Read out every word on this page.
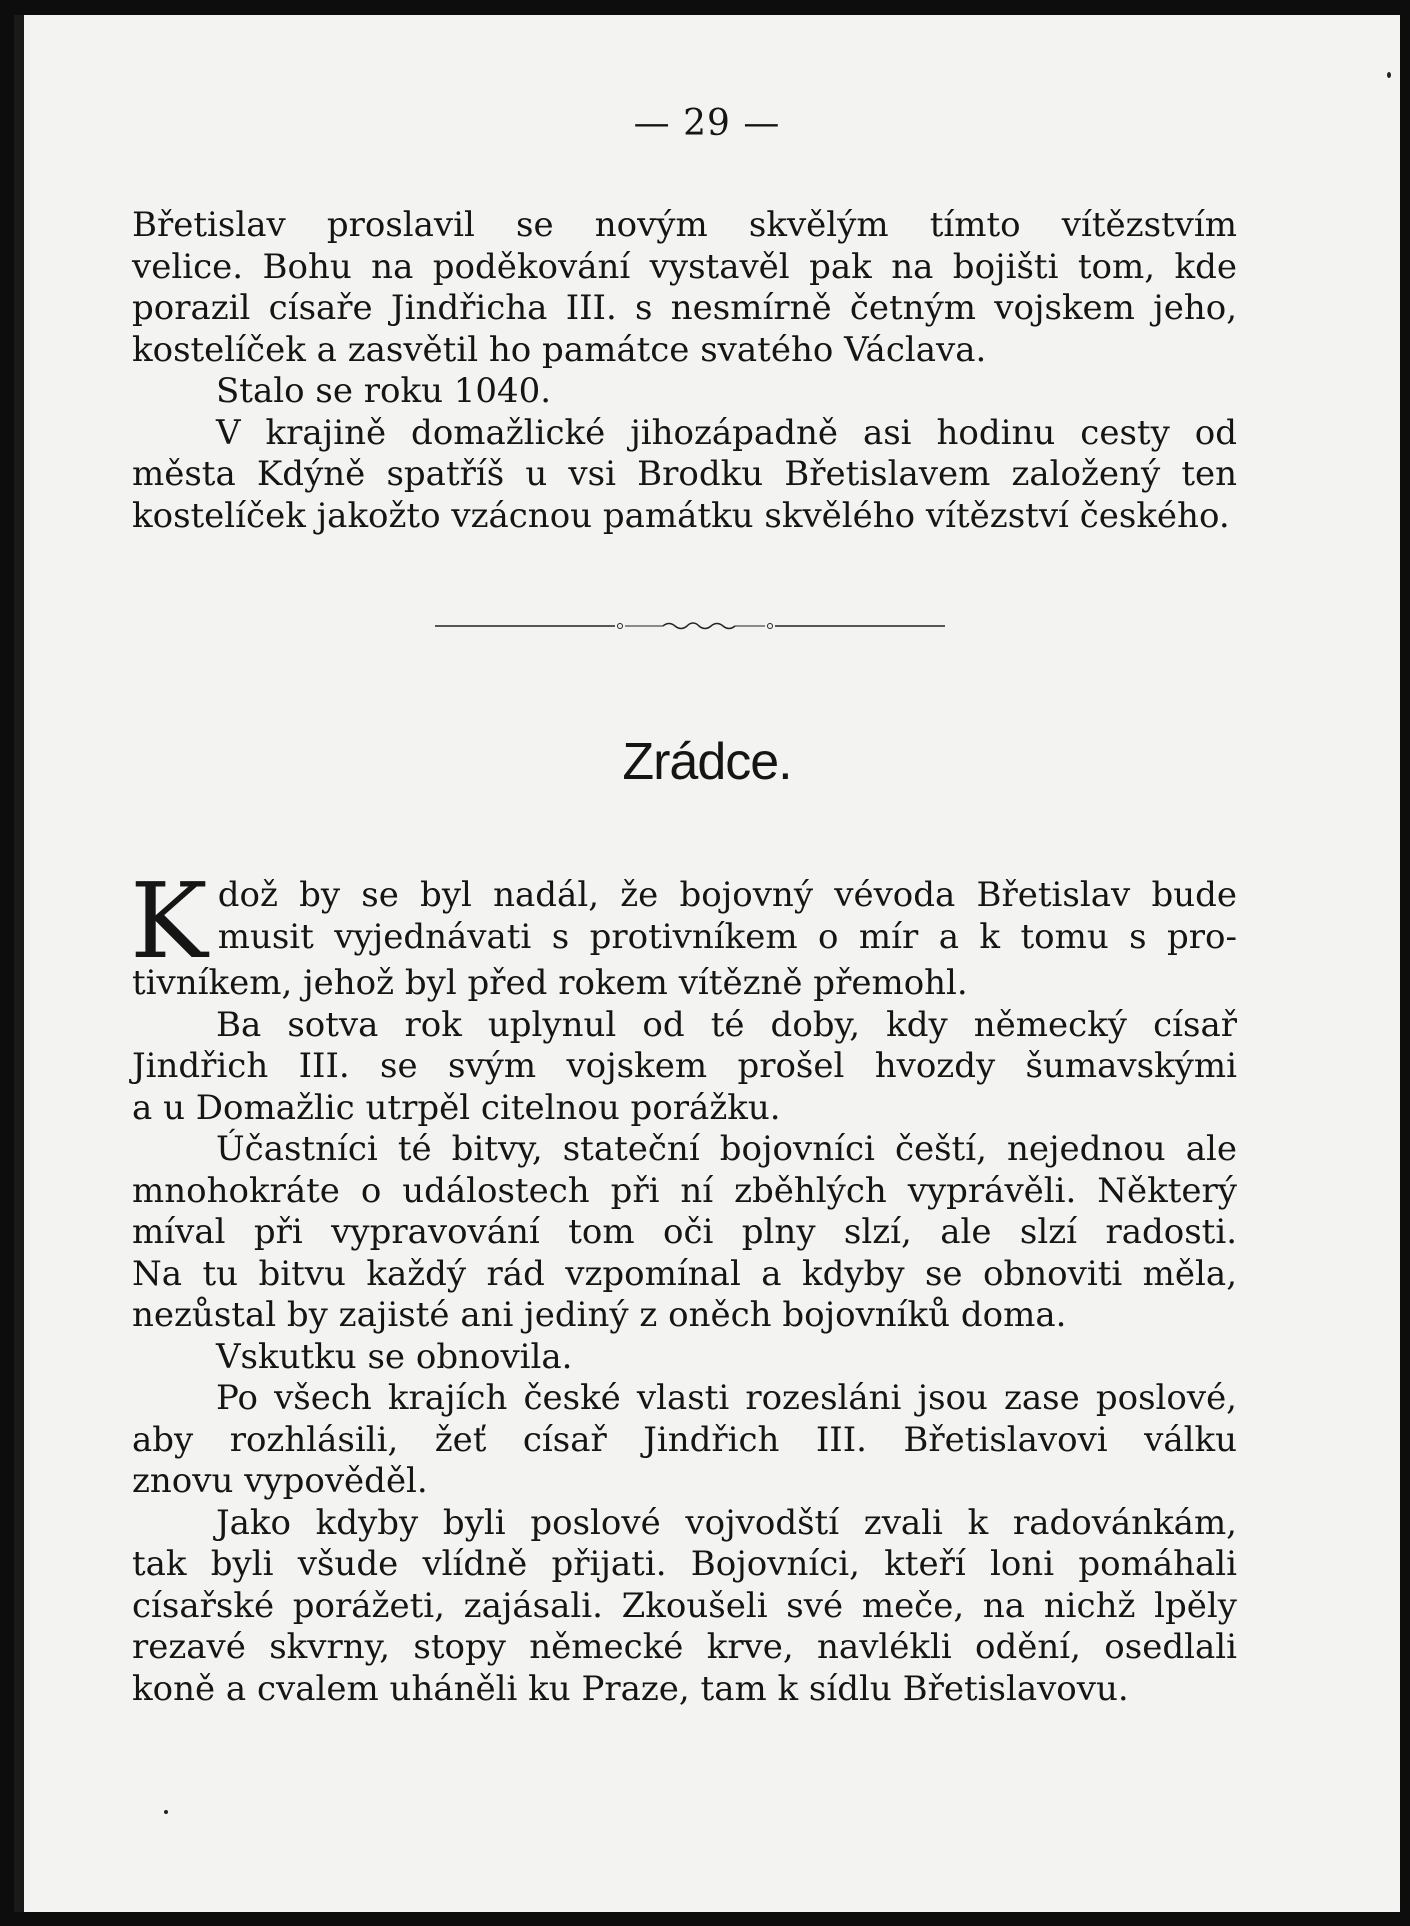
— 29 —

Břetislav proslavil se novým skvělým tímto vítězstvím

velice. Bohu na poděkování vystavěl pak na bojišti tom, kde

porazil císaře Jindřicha III. s nesmírně četným vojskem jeho,

kostelíček a zasvětil ho památce svatého Václava.

Stalo se roku 1040.

V krajině domažlické jihozápadně asi hodinu cesty od

města Kdýně spatříš u vsi Brodku Břetislavem založený ten

kostelíček jakožto vzácnou památku skvělého vítězství českého.

Zrádce.
K dož by se byl nadál, že bojovný vévoda Břetislav bude

musit vyjednávati s protivníkem o mír a k tomu s pro-

tivníkem, jehož byl před rokem vítězně přemohl.

Ba sotva rok uplynul od té doby, kdy německý císař

Jindřich III. se svým vojskem prošel hvozdy šumavskými

a u Domažlic utrpěl citelnou porážku.

Účastníci té bitvy, stateční bojovníci čeští, nejednou ale

mnohokráte o událostech při ní zběhlých vyprávěli. Některý

míval při vypravování tom oči plny slzí, ale slzí radosti.

Na tu bitvu každý rád vzpomínal a kdyby se obnoviti měla,

nezůstal by zajisté ani jediný z oněch bojovníků doma.

Vskutku se obnovila.

Po všech krajích české vlasti rozesláni jsou zase poslové,

aby rozhlásili, žeť císař Jindřich III. Břetislavovi válku

znovu vypověděl.

Jako kdyby byli poslové vojvodští zvali k radovánkám,

tak byli všude vlídně přijati. Bojovníci, kteří loni pomáhali

císařské porážeti, zajásali. Zkoušeli své meče, na nichž lpěly

rezavé skvrny, stopy německé krve, navlékli odění, osedlali

koně a cvalem uháněli ku Praze, tam k sídlu Břetislavovu.
